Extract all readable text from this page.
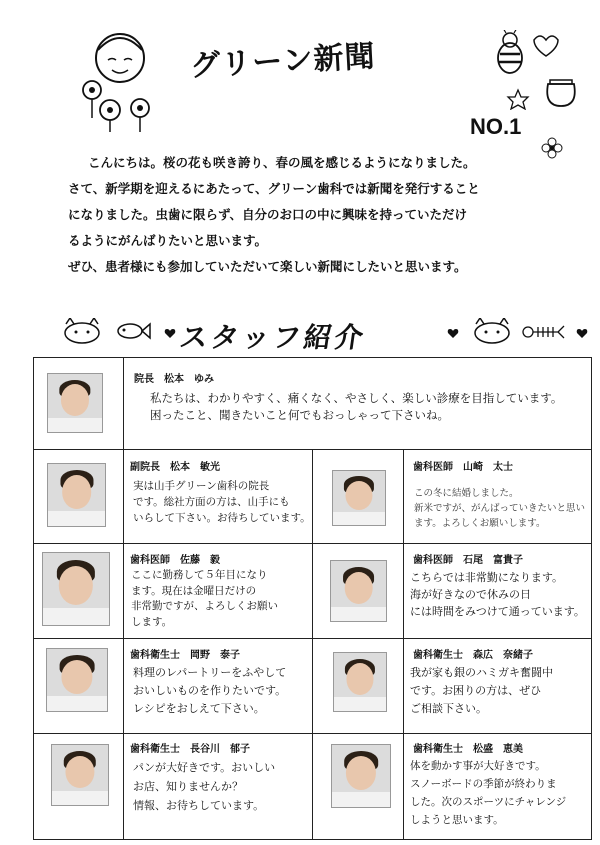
グリーン新聞
NO.1

こんにちは。桜の花も咲き誇り、春の風を感じるようになりました。

さて、新学期を迎えるにあたって、グリーン歯科では新聞を発行すること

になりました。虫歯に限らず、自分のお口の中に興味を持っていただけ

るようにがんばりたいと思います。

ぜひ、患者様にも参加していただいて楽しい新聞にしたいと思います。

スタッフ紹介
院長　松本　ゆみ
私たちは、わかりやすく、痛くなく、やさしく、楽しい診療を目指しています。
困ったこと、聞きたいこと何でもおっしゃって下さいね。
副院長　松本　敏光
実は山手グリーン歯科の院長
です。総社方面の方は、山手にも
いらして下さい。お待ちしています。
歯科医師　山崎　太士
この冬に結婚しました。
新米ですが、がんばっていきたいと思い
ます。よろしくお願いします。
歯科医師　佐藤　毅
ここに勤務して５年目になり
ます。現在は金曜日だけの
非常勤ですが、よろしくお願い
します。
歯科医師　石尾　富貴子
こちらでは非常勤になります。
海が好きなので休みの日
には時間をみつけて通っています。
歯科衛生士　岡野　泰子
料理のレパートリーをふやして
おいしいものを作りたいです。
レシピをおしえて下さい。
歯科衛生士　森広　奈緒子
我が家も銀のハミガキ奮闘中
です。お困りの方は、ぜひ
ご相談下さい。
歯科衛生士　長谷川　郁子
パンが大好きです。おいしい
お店、知りませんか？
情報、お待ちしています。
歯科衛生士　松盛　恵美
体を動かす事が大好きです。
スノーボードの季節が終わりま
した。次のスポーツにチャレンジ
しようと思います。
